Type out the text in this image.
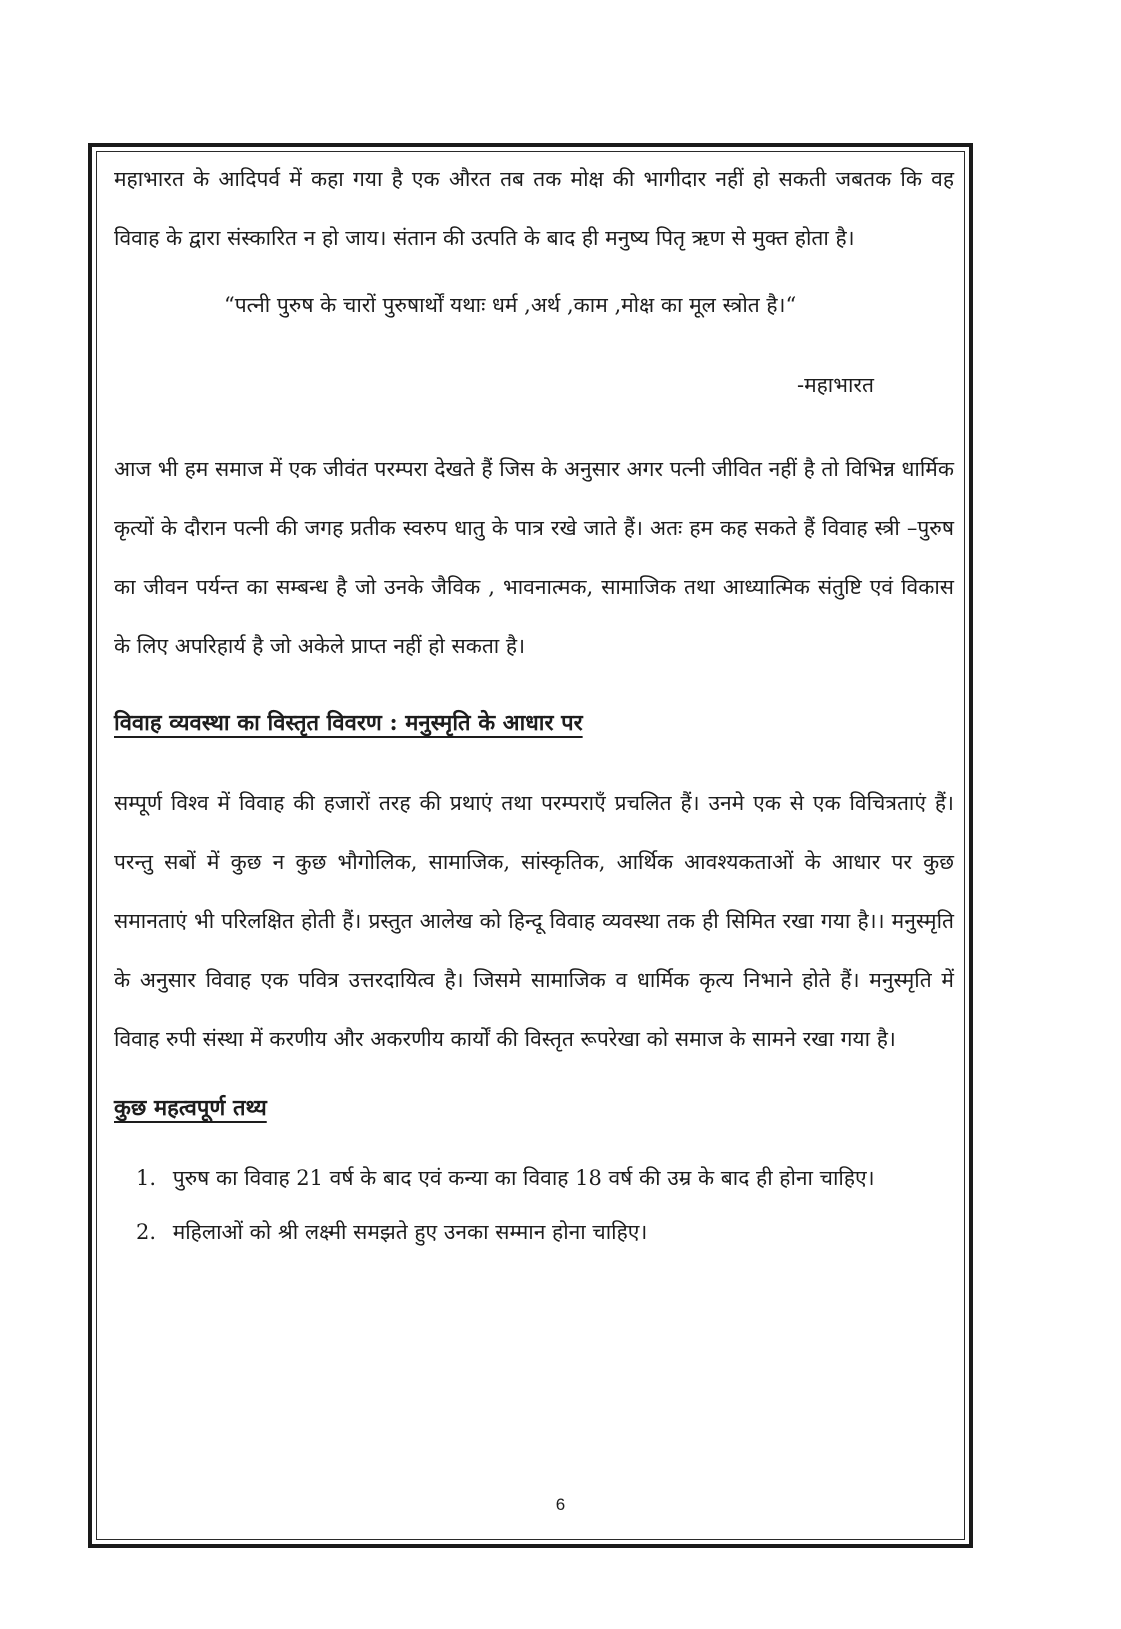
महाभारत के आदिपर्व में कहा गया है एक औरत तब तक मोक्ष की भागीदार नहीं हो सकती जबतक कि वह विवाह के द्वारा संस्कारित न हो जाय। संतान की उत्पति के बाद ही मनुष्य पितृ ऋण से मुक्त होता है।

“पत्नी पुरुष के चारों पुरुषार्थों यथाः धर्म ,अर्थ ,काम ,मोक्ष का मूल स्त्रोत है।“

-महाभारत

आज भी हम समाज में एक जीवंत परम्परा देखते हैं जिस के अनुसार अगर पत्नी जीवित नहीं है तो विभिन्न धार्मिक कृत्यों के दौरान पत्नी की जगह प्रतीक स्वरुप धातु के पात्र रखे जाते हैं। अतः हम कह सकते हैं विवाह स्त्री –पुरुष का जीवन पर्यन्त का सम्बन्ध है जो उनके जैविक , भावनात्मक, सामाजिक तथा आध्यात्मिक संतुष्टि एवं विकास के लिए अपरिहार्य है जो अकेले प्राप्त नहीं हो सकता है।

विवाह व्यवस्था का विस्तृत विवरण : मनुस्मृति के आधार पर

सम्पूर्ण विश्व में विवाह की हजारों तरह की प्रथाएं तथा परम्पराएँ प्रचलित हैं। उनमे एक से एक विचित्रताएं हैं। परन्तु सबों में कुछ न कुछ भौगोलिक, सामाजिक, सांस्कृतिक, आर्थिक आवश्यकताओं के आधार पर कुछ समानताएं भी परिलक्षित होती हैं। प्रस्तुत आलेख को हिन्दू विवाह व्यवस्था तक ही सिमित रखा गया है।। मनुस्मृति के अनुसार विवाह एक पवित्र उत्तरदायित्व है। जिसमे सामाजिक व धार्मिक कृत्य निभाने होते हैं। मनुस्मृति में विवाह रुपी संस्था में करणीय और अकरणीय कार्यों की विस्तृत रूपरेखा को समाज के सामने रखा गया है।

कुछ महत्वपूर्ण तथ्य
1. पुरुष का विवाह 21 वर्ष के बाद एवं कन्या का विवाह 18 वर्ष की उम्र के बाद ही होना चाहिए।
2. महिलाओं को श्री लक्ष्मी समझते हुए उनका सम्मान होना चाहिए।
6
